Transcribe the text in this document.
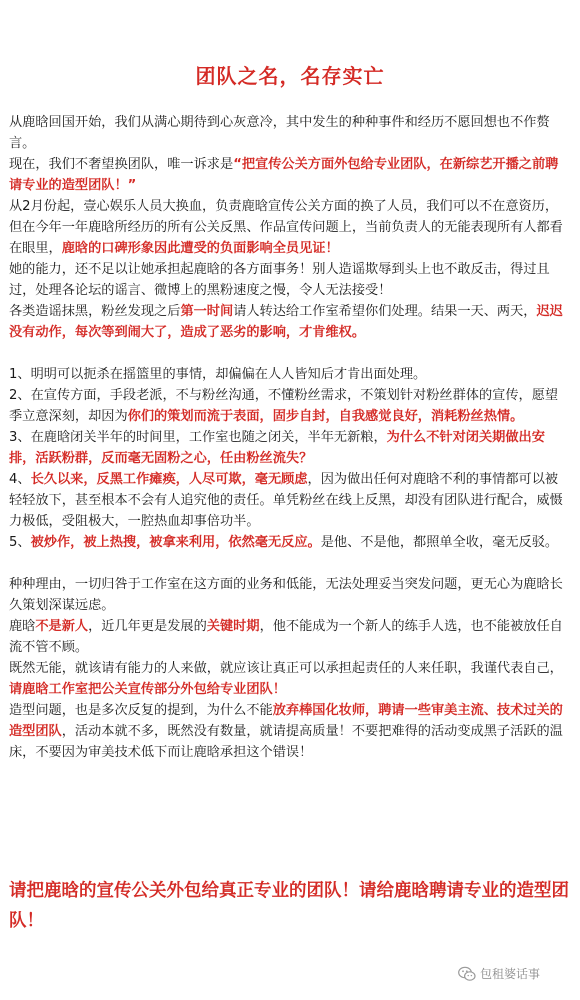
团队之名，名存实亡

从鹿晗回国开始，我们从满心期待到心灰意冷，其中发生的种种事件和经历不愿回想也不作赘言。

现在，我们不奢望换团队，唯一诉求是“把宣传公关方面外包给专业团队，在新综艺开播之前聘请专业的造型团队！”

从2月份起，壹心娱乐人员大换血，负责鹿晗宣传公关方面的换了人员，我们可以不在意资历，但在今年一年鹿晗所经历的所有公关反黑、作品宣传问题上，当前负责人的无能表现所有人都看在眼里，鹿晗的口碑形象因此遭受的负面影响全员见证！

她的能力，还不足以让她承担起鹿晗的各方面事务！别人造谣欺辱到头上也不敢反击，得过且过，处理各论坛的谣言、微博上的黑粉速度之慢，令人无法接受！

各类造谣抹黑，粉丝发现之后第一时间请人转达给工作室希望你们处理。结果一天、两天，迟迟没有动作，每次等到闹大了，造成了恶劣的影响，才肯维权。

1、明明可以扼杀在摇篮里的事情，却偏偏在人人皆知后才肯出面处理。

2、在宣传方面，手段老派，不与粉丝沟通，不懂粉丝需求，不策划针对粉丝群体的宣传，愿望季立意深刻，却因为你们的策划而流于表面，固步自封，自我感觉良好，消耗粉丝热情。

3、在鹿晗闭关半年的时间里，工作室也随之闭关，半年无新粮，为什么不针对闭关期做出安排，活跃粉群，反而毫无固粉之心，任由粉丝流失？

4、长久以来，反黑工作瘫痪，人尽可欺，毫无顾虑，因为做出任何对鹿晗不利的事情都可以被轻轻放下，甚至根本不会有人追究他的责任。单凭粉丝在线上反黑，却没有团队进行配合，威慑力极低，受阻极大，一腔热血却事倍功半。

5、被炒作，被上热搜，被拿来利用，依然毫无反应。是他、不是他，都照单全收，毫无反驳。

种种理由，一切归咎于工作室在这方面的业务和低能，无法处理妥当突发问题，更无心为鹿晗长久策划深谋远虑。

鹿晗不是新人，近几年更是发展的关键时期，他不能成为一个新人的练手人选，也不能被放任自流不管不顾。

既然无能，就该请有能力的人来做，就应该让真正可以承担起责任的人来任职，我谨代表自己，请鹿晗工作室把公关宣传部分外包给专业团队！

造型问题，也是多次反复的提到，为什么不能放弃棒国化妆师，聘请一些审美主流、技术过关的造型团队，活动本就不多，既然没有数量，就请提高质量！不要把难得的活动变成黑子活跃的温床，不要因为审美技术低下而让鹿晗承担这个错误！

请把鹿晗的宣传公关外包给真正专业的团队！请给鹿晗聘请专业的造型团队！
包租婆话事
